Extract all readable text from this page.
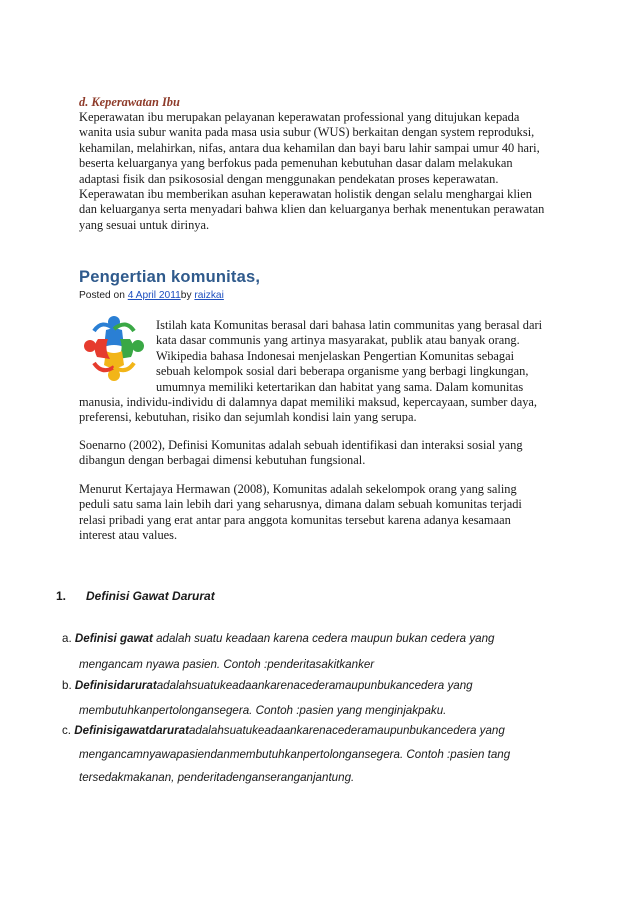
d. Keperawatan Ibu
Keperawatan ibu merupakan pelayanan keperawatan professional yang ditujukan kepada
wanita usia subur wanita pada masa usia subur (WUS) berkaitan dengan system reproduksi,
kehamilan, melahirkan, nifas, antara dua kehamilan dan bayi baru lahir sampai umur 40 hari,
beserta keluarganya yang berfokus pada pemenuhan kebutuhan dasar dalam melakukan
adaptasi fisik dan psikososial dengan menggunakan pendekatan proses keperawatan.
Keperawatan ibu memberikan asuhan keperawatan holistik dengan selalu menghargai klien
dan keluarganya serta menyadari bahwa klien dan keluarganya berhak menentukan perawatan
yang sesuai untuk dirinya.
Pengertian komunitas,
Posted on 4 April 2011by raizkai
Istilah kata Komunitas berasal dari bahasa latin communitas yang berasal dari
kata dasar communis yang artinya masyarakat, publik atau banyak orang.
Wikipedia bahasa Indonesai menjelaskan Pengertian Komunitas sebagai
sebuah kelompok sosial dari beberapa organisme yang berbagi lingkungan,
umumnya memiliki ketertarikan dan habitat yang sama. Dalam komunitas
manusia, individu-individu di dalamnya dapat memiliki maksud, kepercayaan, sumber daya,
preferensi, kebutuhan, risiko dan sejumlah kondisi lain yang serupa.
Soenarno (2002), Definisi Komunitas adalah sebuah identifikasi dan interaksi sosial yang
dibangun dengan berbagai dimensi kebutuhan fungsional.
Menurut Kertajaya Hermawan (2008), Komunitas adalah sekelompok orang yang saling
peduli satu sama lain lebih dari yang seharusnya, dimana dalam sebuah komunitas terjadi
relasi pribadi yang erat antar para anggota komunitas tersebut karena adanya kesamaan
interest atau values.
1. Definisi Gawat Darurat
a. Definisi gawat adalah suatu keadaan karena cedera maupun bukan cedera yang
mengancam nyawa pasien. Contoh :penderitasakitkanker
b. Definisidaruratadalahsuatukeadaankarenacederamaupunbukancedera yang
membutuhkanpertolongansegera. Contoh :pasien yang menginjakpaku.
c. Definisigawatdaruratadalahsuatukeadaankarenacederamaupunbukancedera yang
mengancamnyawapasiendanmembutuhkanpertolongansegera. Contoh :pasien tang
tersedakmakanan, penderitadenganseranganjantung.
